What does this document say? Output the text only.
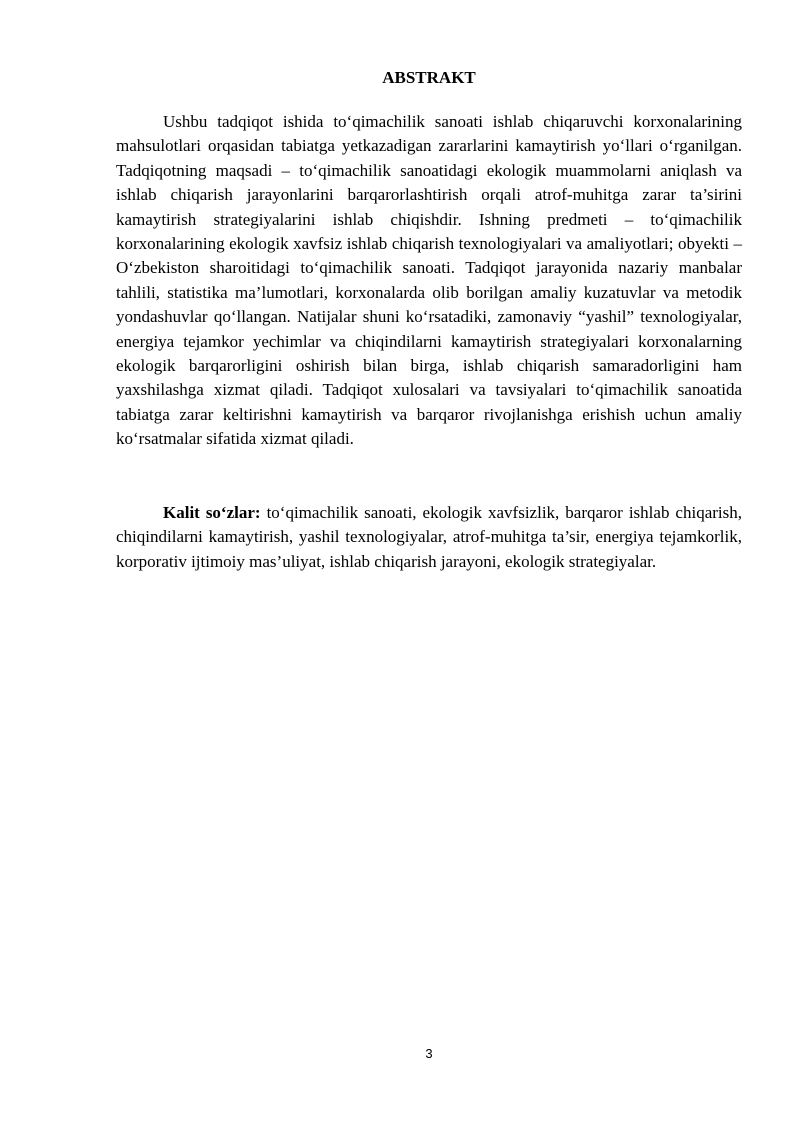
ABSTRAKT

Ushbu tadqiqot ishida to‘qimachilik sanoati ishlab chiqaruvchi korxonalarining mahsulotlari orqasidan tabiatga yetkazadigan zararlarini kamaytirish yo‘llari o‘rganilgan. Tadqiqotning maqsadi – to‘qimachilik sanoatidagi ekologik muammolarni aniqlash va ishlab chiqarish jarayonlarini barqarorlashtirish orqali atrof-muhitga zarar ta’sirini kamaytirish strategiyalarini ishlab chiqishdir. Ishning predmeti – to‘qimachilik korxonalarining ekologik xavfsiz ishlab chiqarish texnologiyalari va amaliyotlari; obyekti – O‘zbekiston sharoitidagi to‘qimachilik sanoati. Tadqiqot jarayonida nazariy manbalar tahlili, statistika ma’lumotlari, korxonalarda olib borilgan amaliy kuzatuvlar va metodik yondashuvlar qo‘llangan. Natijalar shuni ko‘rsatadiki, zamonaviy “yashil” texnologiyalar, energiya tejamkor yechimlar va chiqindilarni kamaytirish strategiyalari korxonalarning ekologik barqarorligini oshirish bilan birga, ishlab chiqarish samaradorligini ham yaxshilashga xizmat qiladi. Tadqiqot xulosalari va tavsiyalari to‘qimachilik sanoatida tabiatga zarar keltirishni kamaytirish va barqaror rivojlanishga erishish uchun amaliy ko‘rsatmalar sifatida xizmat qiladi.

Kalit so‘zlar: to‘qimachilik sanoati, ekologik xavfsizlik, barqaror ishlab chiqarish, chiqindilarni kamaytirish, yashil texnologiyalar, atrof-muhitga ta’sir, energiya tejamkorlik, korporativ ijtimoiy mas’uliyat, ishlab chiqarish jarayoni, ekologik strategiyalar.

3
